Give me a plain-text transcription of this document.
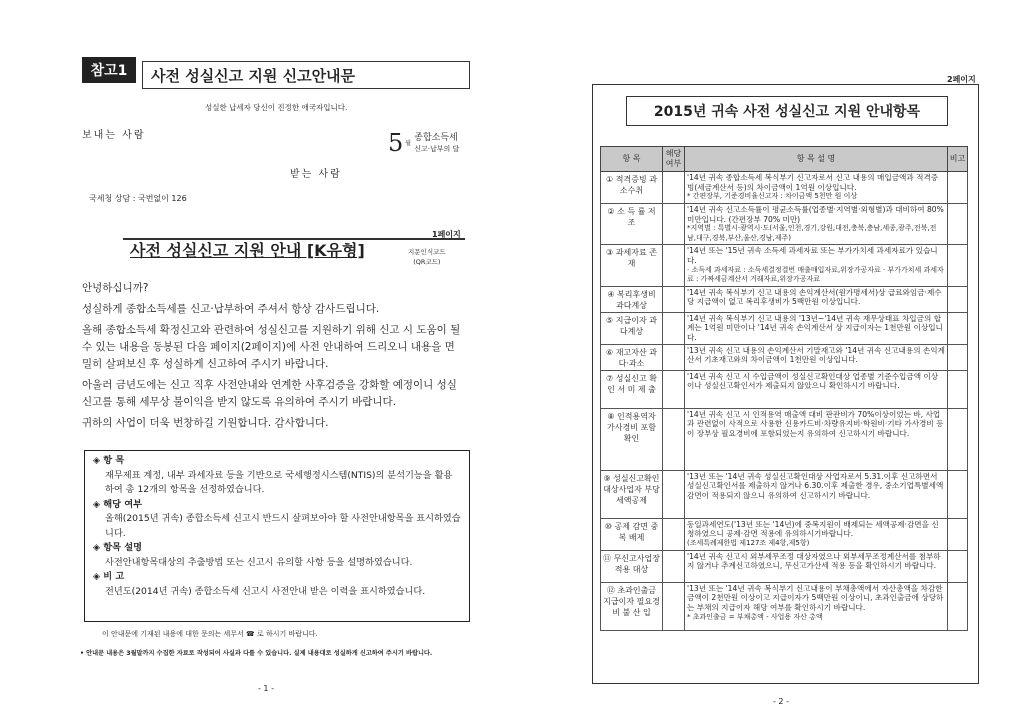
참고1	사전 성실신고 지원 신고안내문
성실한 납세자 당신이 진정한 애국자입니다.
보내는 사람	5 월
종합소득세
신고·납부의 달
받는 사람
국세청 상담 : 국번없이 126
1페이지
사전 성실신고 지원 안내 [K유형]	지문인식코드
(QR코드)

안녕하십니까?

성실하게 종합소득세를 신고·납부하여 주셔서 항상 감사드립니다.

올해 종합소득세 확정신고와 관련하여 성실신고를 지원하기 위해 신고 시 도움이 될 수 있는 내용을 동봉된 다음 페이지(2페이지)에 사전 안내하여 드리오니 내용을 면밀히 살펴보신 후 성실하게 신고하여 주시기 바랍니다.

아울러 금년도에는 신고 직후 사전안내와 연계한 사후검증을 강화할 예정이니 성실신고를 통해 세무상 불이익을 받지 않도록 유의하여 주시기 바랍니다.

귀하의 사업이 더욱 번창하길 기원합니다. 감사합니다.

◈ 항 목
재무제표 계정, 내부 과세자료 등을 기반으로 국세행정시스템(NTIS)의 분석기능을 활용하여 총 12개의 항목을 선정하였습니다.
◈ 해당 여부
올해(2015년 귀속) 종합소득세 신고시 반드시 살펴보아야 할 사전안내항목을 표시하였습니다.
◈ 항목 설명
사전안내항목대상의 추출방법 또는 신고시 유의할 사항 등을 설명하였습니다.
◈ 비 고
전년도(2014년 귀속) 종합소득세 신고시 사전안내 받은 이력을 표시하였습니다.
이 안내문에 기재된 내용에 대한 문의는 세무서 ☎ 로 하시기 바랍니다.
• 안내문 내용은 3월말까지 수집한 자료로 작성되어 사실과 다를 수 있습니다. 실제 내용대로 성실하게 신고하여 주시기 바랍니다.
- 1 -
2페이지
2015년 귀속 사전 성실신고 지원 안내항목
항 목	해당 여부	항 목 설 명	비고
① 적격증빙 과소수취		'14년 귀속 종합소득세 복식부기 신고자로서 신고 내용의 매입금액과 적격증빙(세금계산서 등)의 차이금액이 1억원 이상입니다.
* 간편장부, 기준경비율신고자 : 차이금액 5천만 원 이상	

② 소 득 률 저 조		'14년 귀속 신고소득률이 평균소득률(업종별·지역별·외형별)과 대비하여 80% 미만입니다. (간편장부 70% 미만)
*지역별 : 특별시·광역시·도(서울,인천,경기,강원,대전,충북,충남,세종,광주,전북,전남,대구,경북,부산,울산,경남,제주)	

③ 과세자료 존 재		'14년 또는 '15년 귀속 소득세 과세자료 또는 부가가치세 과세자료가 있습니다.
· 소득세 과세자료 : 소득세결정결번 매출매입자료,위장가공자료 · 부가가치세 과세자료 : 가짜세금계산서 거래자료,위장가공자료	

④ 복리후생비 과다계상		'14년 귀속 복식부기 신고 내용의 손익계산서(원가명세서)상 급료와임금·제수당 지급액이 없고 복리후생비가 5백만원 이상입니다.	
⑤ 지급이자 과다계상		'14년 귀속 복식부기 신고 내용의 '13년~'14년 귀속 재무상태표 차입금의 합계는 1억원 미만이나 '14년 귀속 손익계산서 상 지급이자는 1천만원 이상입니다.	
⑥ 재고자산 과다·과소		'13년 귀속 신고 내용의 손익계산서 기말재고와 '14년 귀속 신고내용의 손익계산서 기초재고와의 차이금액이 1천만원 이상입니다.	
⑦ 성실신고 확 인 서 미 제 출		'14년 귀속 신고 시 수입금액이 성실신고확인대상 업종별 기준수입금액 이상이나 성실신고확인서가 제출되지 않았으니 확인하시기 바랍니다.	
⑧ 인적용역자 가사경비 포함 확인		'14년 귀속 신고 시 인적용역 매출액 대비 판관비가 70%이상이었는 바, 사업과 관련없이 사적으로 사용한 신용카드비·차량유지비·학원비·기타 가사경비 등이 장부상 필요경비에 포함되었는지 유의하여 신고하시기 바랍니다.	
⑨ 성실신고확인 대상사업자 부당세액공제		'13년 또는 '14년 귀속 성실신고확인대상 사업자로서 5.31.이후 신고하면서 성실신고확인서를 제출하지 않거나 6.30.이후 제출한 경우, 중소기업특별세액감면이 적용되지 않으니 유의하여 신고하시기 바랍니다.	
⑩ 공제 감면 중복 배제		동일과세연도('13년 또는 '14년)에 중복지원이 배제되는 세액공제·감면을 신청하였으니 공제·감면 적용에 유의하시기바랍니다.
(조세특례제한법 제127조 제4항,제5항)	

⑪ 무신고사업장 적용 대상		'14년 귀속 신고시 외부세무조정 대상자였으나 외부세무조정계산서를 첨부하지 않거나 추계신고하였으니, 무신고가산세 적용 등을 확인하시기 바랍니다.	
⑫ 초과인출금 지급이자 필요경비 불 산 입		'13년 또는 '14년 귀속 복식부기 신고내용이 부채총액에서 자산총액을 차감한 금액이 2천만원 이상이고 지급이자가 5백만원 이상이니, 초과인출금에 상당하는 부채의 지급이자 해당 여부를 확인하시기 바랍니다.
* 초과인출금 = 부채총액 - 사업용 자산 총액	

- 2 -
